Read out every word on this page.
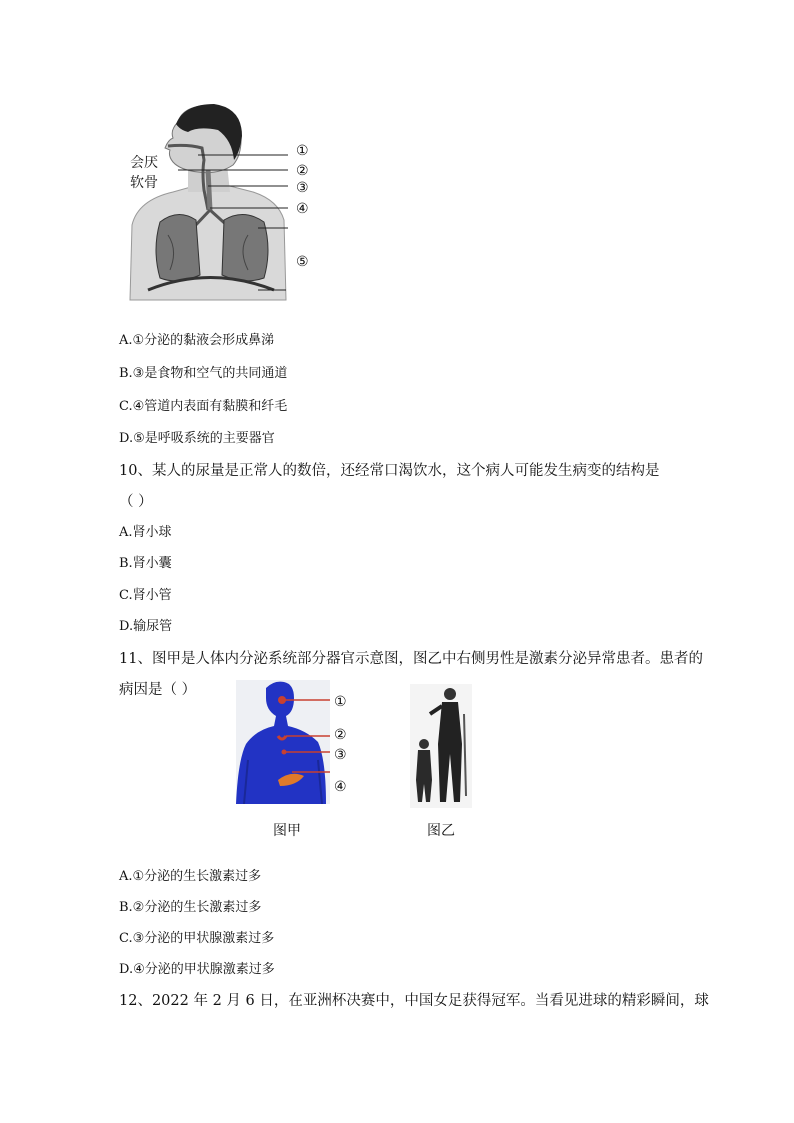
会厌
软骨
①
②
③
④
⑤
A.①分泌的黏液会形成鼻涕
B.③是食物和空气的共同通道
C.④管道内表面有黏膜和纤毛
D.⑤是呼吸系统的主要器官
10、某人的尿量是正常人的数倍，还经常口渴饮水，这个病人可能发生病变的结构是
（ ）
A.肾小球
B.肾小囊
C.肾小管
D.输尿管
11、图甲是人体内分泌系统部分器官示意图，图乙中右侧男性是激素分泌异常患者。患者的
病因是（ ）
①
②
③
④
图甲	图乙
A.①分泌的生长激素过多
B.②分泌的生长激素过多
C.③分泌的甲状腺激素过多
D.④分泌的甲状腺激素过多
12、2022 年 2 月 6 日，在亚洲杯决赛中，中国女足获得冠军。当看见进球的精彩瞬间，球
